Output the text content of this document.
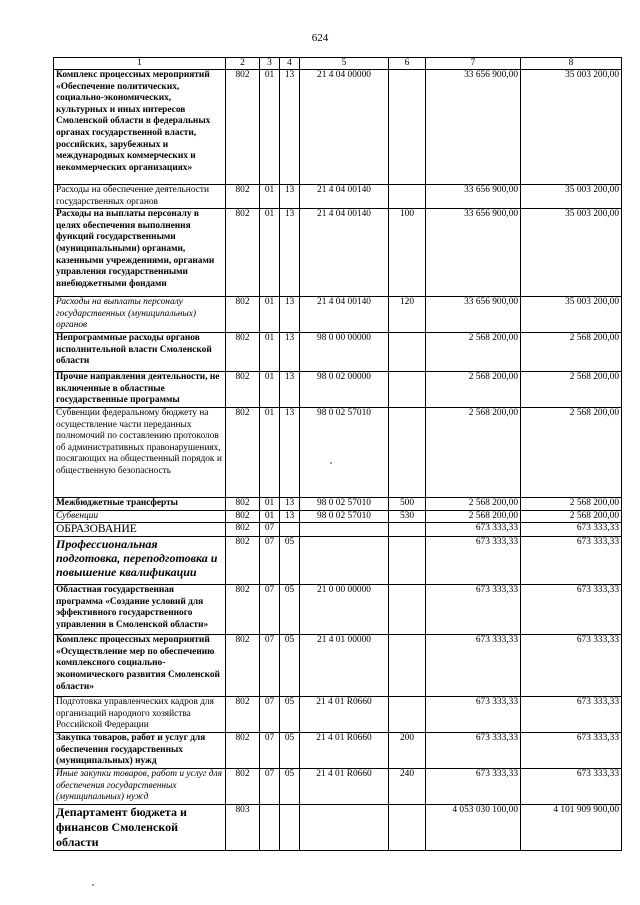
624
1	2	3	4	5	6	7	8
Комплекс процессных мероприятий «Обеспечение политических, социально-экономических, культурных и иных интересов Смоленской области в федеральных органах государственной власти, российских, зарубежных и международных коммерческих и некоммерческих организациях»	802	01	13	21 4 04 00000		33 656 900,00	35 003 200,00
Расходы на обеспечение деятельности государственных органов	802	01	13	21 4 04 00140		33 656 900,00	35 003 200,00
Расходы на выплаты персоналу в целях обеспечения выполнения функций государственными (муниципальными) органами, казенными учреждениями, органами управления государственными внебюджетными фондами	802	01	13	21 4 04 00140	100	33 656 900,00	35 003 200,00
Расходы на выплаты персоналу государственных (муниципальных) органов	802	01	13	21 4 04 00140	120	33 656 900,00	35 003 200,00
Непрограммные расходы органов исполнительной власти Смоленской области	802	01	13	98 0 00 00000		2 568 200,00	2 568 200,00
Прочие направления деятельности, не включенные в областные государственные программы	802	01	13	98 0 02 00000		2 568 200,00	2 568 200,00
Субвенции федеральному бюджету на осуществление части переданных полномочий по составлению протоколов об административных правонарушениях, посягающих на общественный порядок и общественную безопасность	802	01	13	98 0 02 57010		2 568 200,00	2 568 200,00
Межбюджетные трансферты	802	01	13	98 0 02 57010	500	2 568 200,00	2 568 200,00
Субвенции	802	01	13	98 0 02 57010	530	2 568 200,00	2 568 200,00
ОБРАЗОВАНИЕ	802	07				673 333,33	673 333,33
Профессиональная подготовка, переподготовка и повышение квалификации	802	07	05			673 333,33	673 333,33
Областная государственная программа «Создание условий для эффективного государственного управления в Смоленской области»	802	07	05	21 0 00 00000		673 333,33	673 333,33
Комплекс процессных мероприятий «Осуществление мер по обеспечению комплексного социально-экономического развития Смоленской области»	802	07	05	21 4 01 00000		673 333,33	673 333,33
Подготовка управленческих кадров для организаций народного хозяйства Российской Федерации	802	07	05	21 4 01 R0660		673 333,33	673 333,33
Закупка товаров, работ и услуг для обеспечения государственных (муниципальных) нужд	802	07	05	21 4 01 R0660	200	673 333,33	673 333,33
Иные закупки товаров, работ и услуг для обеспечения государственных (муниципальных) нужд	802	07	05	21 4 01 R0660	240	673 333,33	673 333,33
Департамент бюджета и финансов Смоленской области	803					4 053 030 100,00	4 101 909 900,00
